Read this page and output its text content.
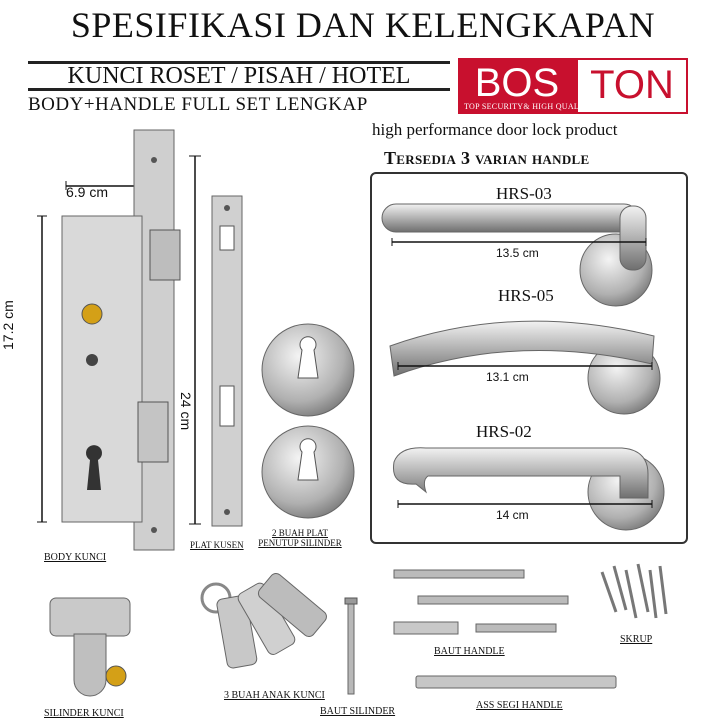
SPESIFIKASI DAN KELENGKAPAN
KUNCI ROSET / PISAH / HOTEL
BODY+HANDLE FULL SET LENGKAP	BOS TON
TOP SECURITY& HIGH QUALITY
high performance door lock product
Tersedia 3 varian handle
HRS-03
13.5 cm
HRS-05
13.1 cm
HRS-02
14 cm
6.9 cm
17.2 cm
24 cm
BODY KUNCI
PLAT KUSEN
2 BUAH PLAT PENUTUP SILINDER
SILINDER KUNCI
3 BUAH ANAK KUNCI
BAUT SILINDER
BAUT HANDLE
SKRUP
ASS SEGI HANDLE
